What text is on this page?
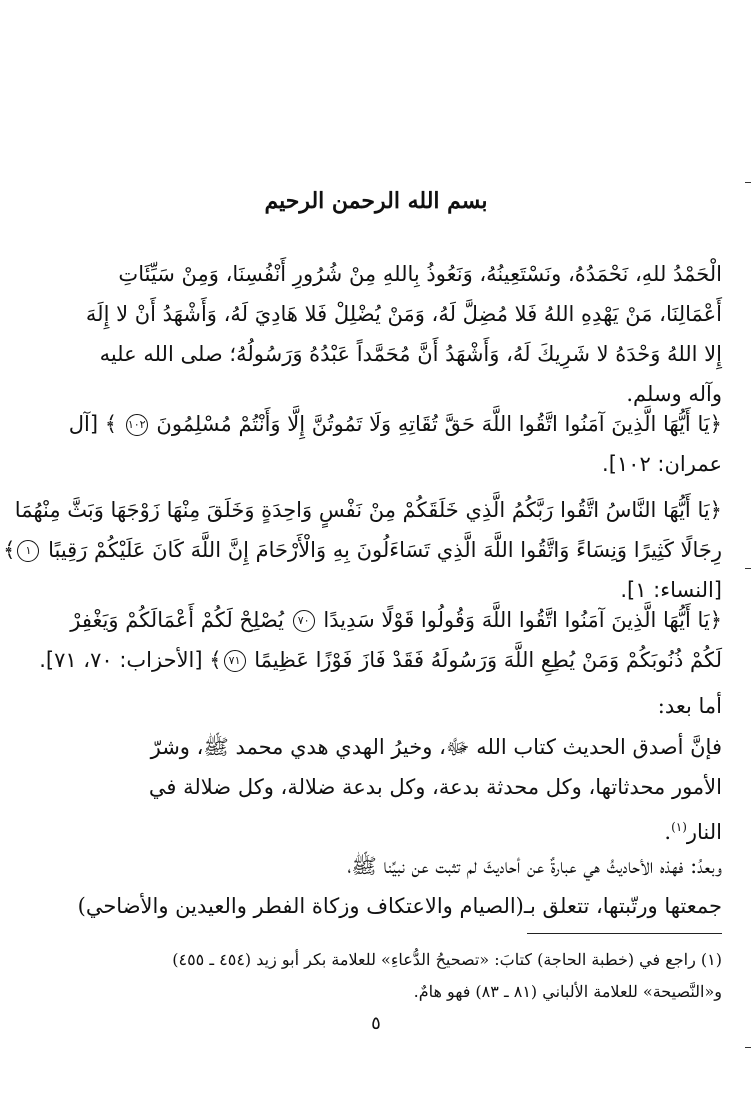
بسم الله الرحمن الرحيم
الْحَمْدُ للهِ، نَحْمَدُهُ، ونَسْتَعِينُهُ، وَنَعُوذُ بِاللهِ مِنْ شُرُورِ أَنْفُسِنَا، وَمِنْ سَيِّئَاتِ
أَعْمَالِنَا، مَنْ يَهْدِهِ اللهُ فَلا مُضِلَّ لَهُ، وَمَنْ يُضْلِلْ فَلا هَادِيَ لَهُ، وَأَشْهَدُ أَنْ لا إِلَهَ
إِلا اللهُ وَحْدَهُ لا شَرِيكَ لَهُ، وَأَشْهَدُ أَنَّ مُحَمَّداً عَبْدُهُ وَرَسُولُهُ؛ صلى الله عليه
وآله وسلم.
﴿يَا أَيُّهَا الَّذِينَ آمَنُوا اتَّقُوا اللَّهَ حَقَّ تُقَاتِهِ وَلَا تَمُوتُنَّ إِلَّا وَأَنْتُمْ مُسْلِمُونَ ١٠٢ ﴾ [آل
عمران: ١٠٢].
﴿يَا أَيُّهَا النَّاسُ اتَّقُوا رَبَّكُمُ الَّذِي خَلَقَكُمْ مِنْ نَفْسٍ وَاحِدَةٍ وَخَلَقَ مِنْهَا زَوْجَهَا وَبَثَّ مِنْهُمَا
رِجَالًا كَثِيرًا وَنِسَاءً وَاتَّقُوا اللَّهَ الَّذِي تَسَاءَلُونَ بِهِ وَالْأَرْحَامَ إِنَّ اللَّهَ كَانَ عَلَيْكُمْ رَقِيبًا ١﴾
[النساء: ١].
﴿يَا أَيُّهَا الَّذِينَ آمَنُوا اتَّقُوا اللَّهَ وَقُولُوا قَوْلًا سَدِيدًا ٧٠ يُصْلِحْ لَكُمْ أَعْمَالَكُمْ وَيَغْفِرْ
لَكُمْ ذُنُوبَكُمْ وَمَنْ يُطِعِ اللَّهَ وَرَسُولَهُ فَقَدْ فَازَ فَوْزًا عَظِيمًا ٧١﴾ [الأحزاب: ٧٠، ٧١].
أما بعد:
فإنَّ أصدق الحديث كتاب الله ﷻ، وخيرُ الهدي هدي محمد ﷺ، وشرّ
الأمور محدثاتها، وكل محدثة بدعة، وكل بدعة ضلالة، وكل ضلالة في
النار$^{(١)}$.
وبعدُ: فهذه الأحاديثُ هي عبارةٌ عن أحاديثَ لم تثبت عن نبيِّنا ﷺ،
جمعتها ورتّبتها، تتعلق بـ(الصيام والاعتكاف وزكاة الفطر والعيدين والأضاحي)
(١) راجع في (خطبة الحاجة) كتابَ: «تصحيحُ الدُّعاءِ» للعلامة بكر أبو زيد (٤٥٤ ـ ٤٥٥)
و«النَّصيحة» للعلامة الألباني (٨١ ـ ٨٣) فهو هامٌ.
٥
